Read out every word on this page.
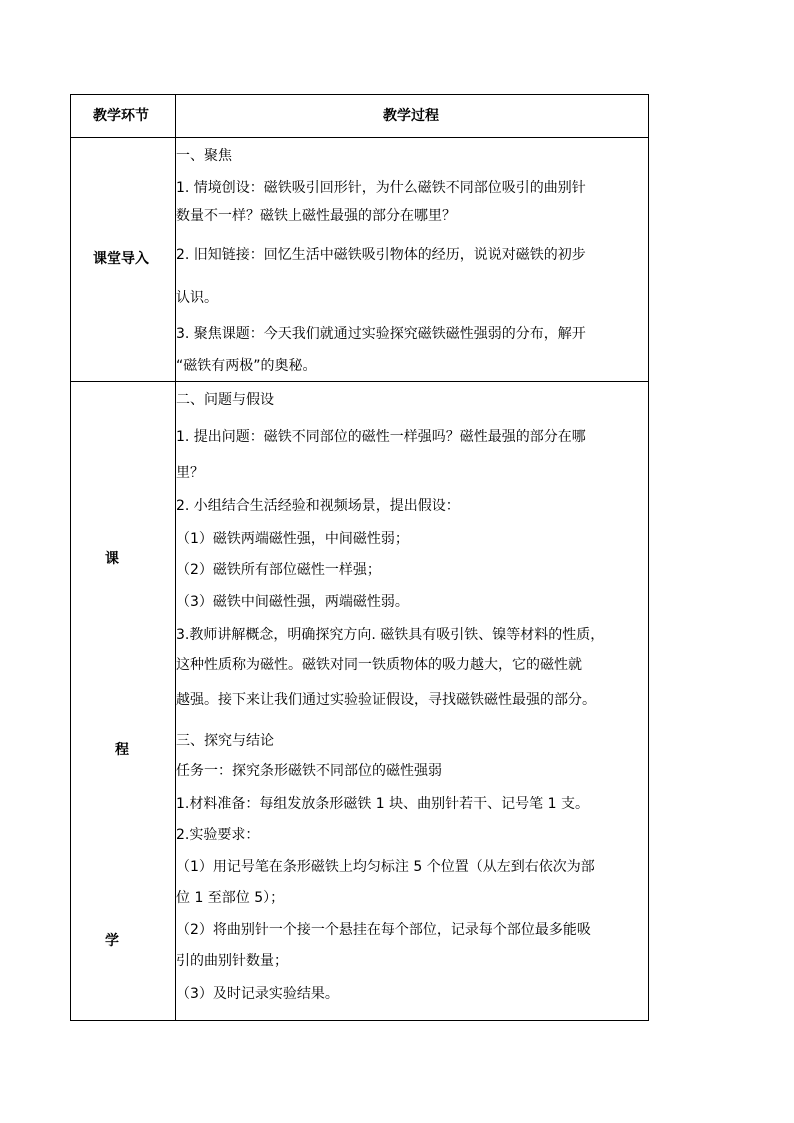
教学环节	教学过程
课堂导入
一、聚焦
1. 情境创设：磁铁吸引回形针，为什么磁铁不同部位吸引的曲别针
数量不一样？磁铁上磁性最强的部分在哪里？
2. 旧知链接：回忆生活中磁铁吸引物体的经历，说说对磁铁的初步
认识。
3. 聚焦课题：今天我们就通过实验探究磁铁磁性强弱的分布，解开
“磁铁有两极”的奥秘。
课
程
学
二、问题与假设
1. 提出问题：磁铁不同部位的磁性一样强吗？磁性最强的部分在哪
里？
2. 小组结合生活经验和视频场景，提出假设：
（1）磁铁两端磁性强，中间磁性弱；
（2）磁铁所有部位磁性一样强；
（3）磁铁中间磁性强，两端磁性弱。
3.教师讲解概念，明确探究方向. 磁铁具有吸引铁、镍等材料的性质，
这种性质称为磁性。磁铁对同一铁质物体的吸力越大，它的磁性就
越强。接下来让我们通过实验验证假设，寻找磁铁磁性最强的部分。
三、探究与结论
任务一：探究条形磁铁不同部位的磁性强弱
1.材料准备：每组发放条形磁铁 1 块、曲别针若干、记号笔 1 支。
2.实验要求：
（1）用记号笔在条形磁铁上均匀标注 5 个位置（从左到右依次为部
位 1 至部位 5）；
（2）将曲别针一个接一个悬挂在每个部位，记录每个部位最多能吸
引的曲别针数量；
（3）及时记录实验结果。
